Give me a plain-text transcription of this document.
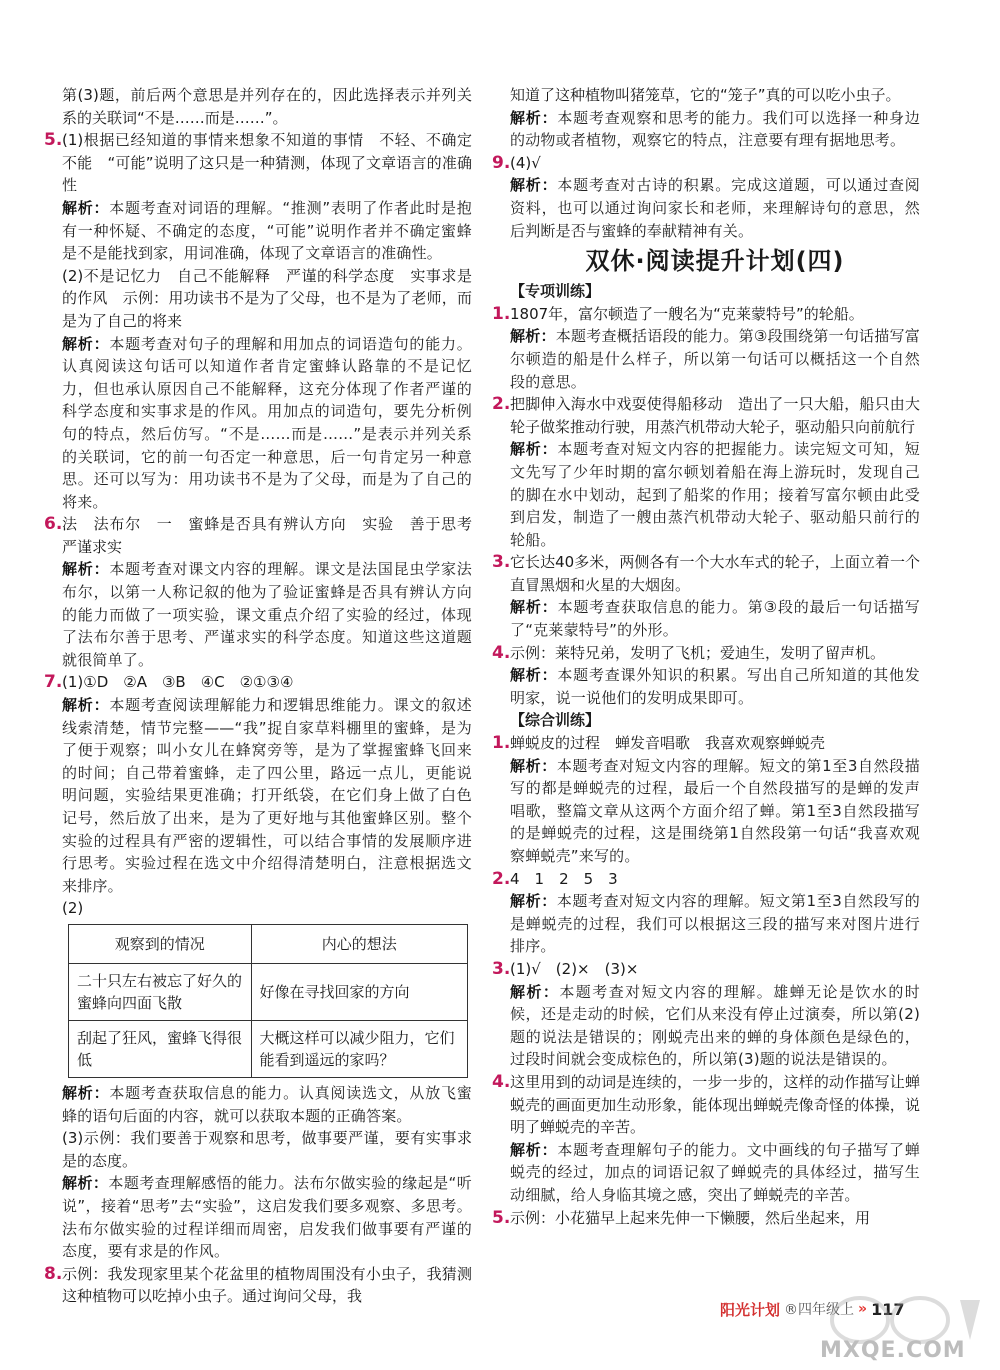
第(3)题，前后两个意思是并列存在的，因此选择表示并列关系的关联词“不是……而是……”。
5. (1)根据已经知道的事情来想象不知道的事情　不轻、不确定　不能　“可能”说明了这只是一种猜测，体现了文章语言的准确性
解析：本题考查对词语的理解。“推测”表明了作者此时是抱有一种怀疑、不确定的态度，“可能”说明作者并不确定蜜蜂是不是能找到家，用词准确，体现了文章语言的准确性。
(2)不是记忆力　自己不能解释　严谨的科学态度　实事求是的作风　示例：用功读书不是为了父母，也不是为了老师，而是为了自己的将来
解析：本题考查对句子的理解和用加点的词语造句的能力。认真阅读这句话可以知道作者肯定蜜蜂认路靠的不是记忆力，但也承认原因自己不能解释，这充分体现了作者严谨的科学态度和实事求是的作风。用加点的词造句，要先分析例句的特点，然后仿写。“不是……而是……”是表示并列关系的关联词，它的前一句否定一种意思，后一句肯定另一种意思。还可以写为：用功读书不是为了父母，而是为了自己的将来。
6. 法　法布尔　一　蜜蜂是否具有辨认方向　实验　善于思考　严谨求实
解析：本题考查对课文内容的理解。课文是法国昆虫学家法布尔，以第一人称记叙的他为了验证蜜蜂是否具有辨认方向的能力而做了一项实验，课文重点介绍了实验的经过，体现了法布尔善于思考、严谨求实的科学态度。知道这些这道题就很简单了。
7. (1)①D　②A　③B　④C　②①③④
解析：本题考查阅读理解能力和逻辑思维能力。课文的叙述线索清楚，情节完整——“我”捉自家草料棚里的蜜蜂，是为了便于观察；叫小女儿在蜂窝旁等，是为了掌握蜜蜂飞回来的时间；自己带着蜜蜂，走了四公里，路远一点儿，更能说明问题，实验结果更准确；打开纸袋，在它们身上做了白色记号，然后放了出来，是为了更好地与其他蜜蜂区别。整个实验的过程具有严密的逻辑性，可以结合事情的发展顺序进行思考。实验过程在选文中介绍得清楚明白，注意根据选文来排序。
(2)
观察到的情况	内心的想法
二十只左右被忘了好久的蜜蜂向四面飞散	好像在寻找回家的方向
刮起了狂风，蜜蜂飞得很低	大概这样可以减少阻力，它们能看到遥远的家吗？
解析：本题考查获取信息的能力。认真阅读选文，从放飞蜜蜂的语句后面的内容，就可以获取本题的正确答案。
(3)示例：我们要善于观察和思考，做事要严谨，要有实事求是的态度。
解析：本题考查理解感悟的能力。法布尔做实验的缘起是“听说”，接着“思考”去“实验”，这启发我们要多观察、多思考。法布尔做实验的过程详细而周密，启发我们做事要有严谨的态度，要有求是的作风。
8. 示例：我发现家里某个花盆里的植物周围没有小虫子，我猜测这种植物可以吃掉小虫子。通过询问父母，我
知道了这种植物叫猪笼草，它的“笼子”真的可以吃小虫子。
解析：本题考查观察和思考的能力。我们可以选择一种身边的动物或者植物，观察它的特点，注意要有理有据地思考。
9. (4)√
解析：本题考查对古诗的积累。完成这道题，可以通过查阅资料，也可以通过询问家长和老师，来理解诗句的意思，然后判断是否与蜜蜂的奉献精神有关。
双休·阅读提升计划(四)
【专项训练】
1. 1807年，富尔顿造了一艘名为“克莱蒙特号”的轮船。
解析：本题考查概括语段的能力。第③段围绕第一句话描写富尔顿造的船是什么样子，所以第一句话可以概括这一个自然段的意思。
2. 把脚伸入海水中戏耍使得船移动　造出了一只大船，船只由大轮子做桨推动行驶，用蒸汽机带动大轮子，驱动船只向前航行
解析：本题考查对短文内容的把握能力。读完短文可知，短文先写了少年时期的富尔顿划着船在海上游玩时，发现自己的脚在水中划动，起到了船桨的作用；接着写富尔顿由此受到启发，制造了一艘由蒸汽机带动大轮子、驱动船只前行的轮船。
3. 它长达40多米，两侧各有一个大水车式的轮子，上面立着一个直冒黑烟和火星的大烟囱。
解析：本题考查获取信息的能力。第③段的最后一句话描写了“克莱蒙特号”的外形。
4. 示例：莱特兄弟，发明了飞机；爱迪生，发明了留声机。
解析：本题考查课外知识的积累。写出自己所知道的其他发明家，说一说他们的发明成果即可。
【综合训练】
1. 蝉蜕皮的过程　蝉发音唱歌　我喜欢观察蝉蜕壳
解析：本题考查对短文内容的理解。短文的第1至3自然段描写的都是蝉蜕壳的过程，最后一个自然段描写的是蝉的发声唱歌，整篇文章从这两个方面介绍了蝉。第1至3自然段描写的是蝉蜕壳的过程，这是围绕第1自然段第一句话“我喜欢观察蝉蜕壳”来写的。
2. 4　1　2　5　3
解析：本题考查对短文内容的理解。短文第1至3自然段写的是蝉蜕壳的过程，我们可以根据这三段的描写来对图片进行排序。
3. (1)√　(2)×　(3)×
解析：本题考查对短文内容的理解。雄蝉无论是饮水的时候，还是走动的时候，它们从来没有停止过演奏，所以第(2)题的说法是错误的；刚蜕壳出来的蝉的身体颜色是绿色的，过段时间就会变成棕色的，所以第(3)题的说法是错误的。
4. 这里用到的动词是连续的，一步一步的，这样的动作描写让蝉蜕壳的画面更加生动形象，能体现出蝉蜕壳像奇怪的体操，说明了蝉蜕壳的辛苦。
解析：本题考查理解句子的能力。文中画线的句子描写了蝉蜕壳的经过，加点的词语记叙了蝉蜕壳的具体经过，描写生动细腻，给人身临其境之感，突出了蝉蜕壳的辛苦。
5. 示例：小花猫早上起来先伸一下懒腰，然后坐起来，用
阳光计划 ®四年级上 » 117
MXQE.COM
